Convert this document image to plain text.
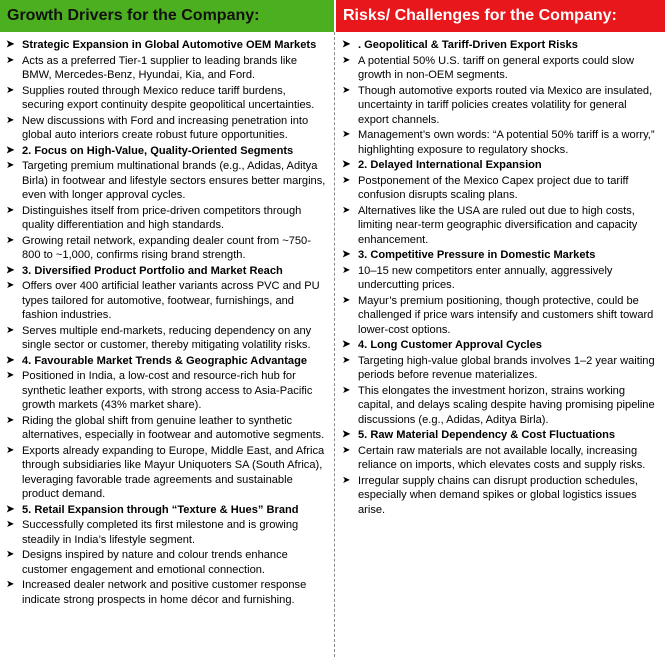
Growth Drivers for the Company:
➤ Strategic Expansion in Global Automotive OEM Markets
➤ Acts as a preferred Tier-1 supplier to leading brands like BMW, Mercedes-Benz, Hyundai, Kia, and Ford.
➤ Supplies routed through Mexico reduce tariff burdens, securing export continuity despite geopolitical uncertainties.
➤ New discussions with Ford and increasing penetration into global auto interiors create robust future opportunities.
➤ 2. Focus on High-Value, Quality-Oriented Segments
➤ Targeting premium multinational brands (e.g., Adidas, Aditya Birla) in footwear and lifestyle sectors ensures better margins, even with longer approval cycles.
➤ Distinguishes itself from price-driven competitors through quality differentiation and high standards.
➤ Growing retail network, expanding dealer count from ~750-800 to ~1,000, confirms rising brand strength.
➤ 3. Diversified Product Portfolio and Market Reach
➤ Offers over 400 artificial leather variants across PVC and PU types tailored for automotive, footwear, furnishings, and fashion industries.
➤ Serves multiple end-markets, reducing dependency on any single sector or customer, thereby mitigating volatility risks.
➤ 4. Favourable Market Trends & Geographic Advantage
➤ Positioned in India, a low-cost and resource-rich hub for synthetic leather exports, with strong access to Asia-Pacific growth markets (43% market share).
➤ Riding the global shift from genuine leather to synthetic alternatives, especially in footwear and automotive segments.
➤ Exports already expanding to Europe, Middle East, and Africa through subsidiaries like Mayur Uniquoters SA (South Africa), leveraging favorable trade agreements and sustainable product demand.
➤ 5. Retail Expansion through “Texture & Hues” Brand
➤ Successfully completed its first milestone and is growing steadily in India’s lifestyle segment.
➤ Designs inspired by nature and colour trends enhance customer engagement and emotional connection.
➤ Increased dealer network and positive customer response indicate strong prospects in home décor and furnishing.
Risks/ Challenges for the Company:
➤ . Geopolitical & Tariff-Driven Export Risks
➤ A potential 50% U.S. tariff on general exports could slow growth in non-OEM segments.
➤ Though automotive exports routed via Mexico are insulated, uncertainty in tariff policies creates volatility for general export channels.
➤ Management’s own words: “A potential 50% tariff is a worry,” highlighting exposure to regulatory shocks.
➤ 2. Delayed International Expansion
➤ Postponement of the Mexico Capex project due to tariff confusion disrupts scaling plans.
➤ Alternatives like the USA are ruled out due to high costs, limiting near-term geographic diversification and capacity enhancement.
➤ 3. Competitive Pressure in Domestic Markets
➤ 10–15 new competitors enter annually, aggressively undercutting prices.
➤ Mayur’s premium positioning, though protective, could be challenged if price wars intensify and customers shift toward lower-cost options.
➤ 4. Long Customer Approval Cycles
➤ Targeting high-value global brands involves 1–2 year waiting periods before revenue materializes.
➤ This elongates the investment horizon, strains working capital, and delays scaling despite having promising pipeline discussions (e.g., Adidas, Aditya Birla).
➤ 5. Raw Material Dependency & Cost Fluctuations
➤ Certain raw materials are not available locally, increasing reliance on imports, which elevates costs and supply risks.
➤ Irregular supply chains can disrupt production schedules, especially when demand spikes or global logistics issues arise.
